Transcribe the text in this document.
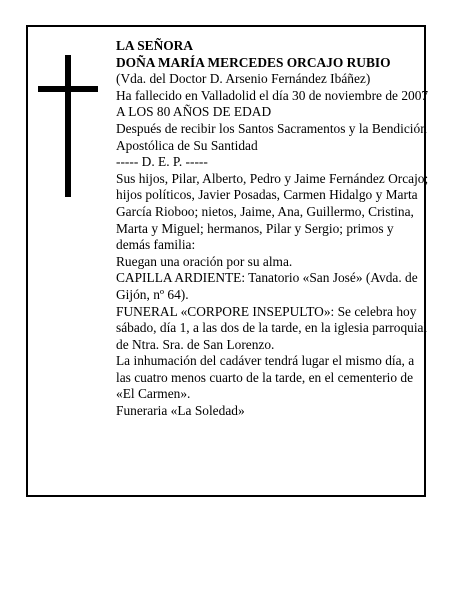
LA SEÑORA

DOÑA MARÍA MERCEDES ORCAJO RUBIO

(Vda. del Doctor D. Arsenio Fernández Ibáñez)

Ha fallecido en Valladolid el día 30 de noviembre de 2007

A LOS 80 AÑOS DE EDAD

Después de recibir los Santos Sacramentos y la Bendición Apostólica de Su Santidad

----- D. E. P. -----

Sus hijos, Pilar, Alberto, Pedro y Jaime Fernández Orcajo; hijos políticos, Javier Posadas, Carmen Hidalgo y Marta García Rioboo; nietos, Jaime, Ana, Guillermo, Cristina, Marta y Miguel; hermanos, Pilar y Sergio; primos y demás familia:

Ruegan una oración por su alma.

CAPILLA ARDIENTE: Tanatorio «San José» (Avda. de Gijón, nº 64).

FUNERAL «CORPORE INSEPULTO»: Se celebra hoy sábado, día 1, a las dos de la tarde, en la iglesia parroquial de Ntra. Sra. de San Lorenzo.

La inhumación del cadáver tendrá lugar el mismo día, a las cuatro menos cuarto de la tarde, en el cementerio de «El Carmen».

Funeraria «La Soledad»
